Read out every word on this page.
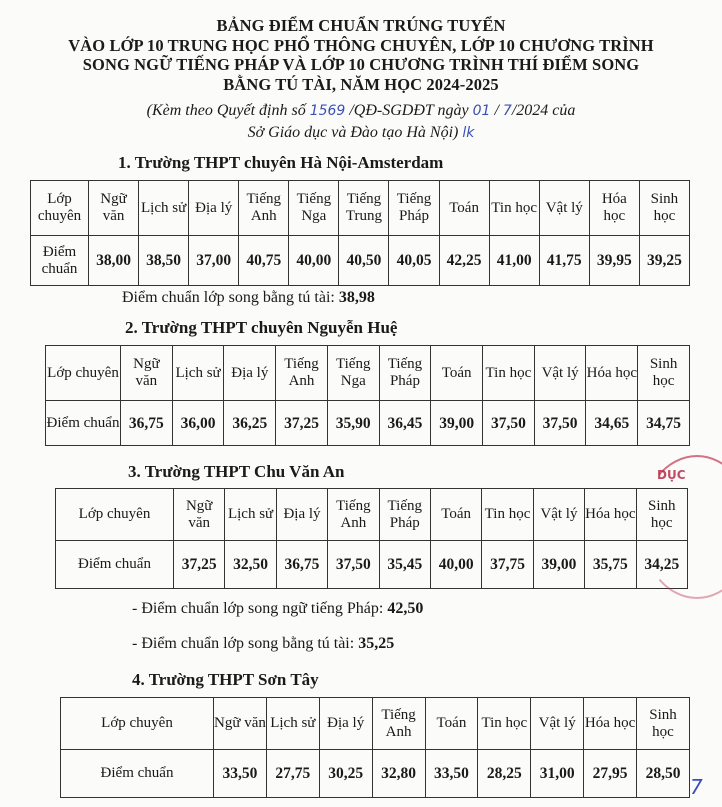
BẢNG ĐIỂM CHUẨN TRÚNG TUYỂN
VÀO LỚP 10 TRUNG HỌC PHỔ THÔNG CHUYÊN, LỚP 10 CHƯƠNG TRÌNH
SONG NGỮ TIẾNG PHÁP VÀ LỚP 10 CHƯƠNG TRÌNH THÍ ĐIỂM SONG
BẰNG TÚ TÀI, NĂM HỌC 2024-2025
(Kèm theo Quyết định số 1569 /QĐ-SGDĐT ngày 01 / 7/2024 của
Sở Giáo dục và Đào tạo Hà Nội) lk
1. Trường THPT chuyên Hà Nội-Amsterdam
Lớp chuyên	Ngữ văn	Lịch sử	Địa lý	Tiếng Anh	Tiếng Nga	Tiếng Trung	Tiếng Pháp	Toán	Tin học	Vật lý	Hóa học	Sinh học
Điểm chuẩn	38,00	38,50	37,00	40,75	40,00	40,50	40,05	42,25	41,00	41,75	39,95	39,25
Điểm chuẩn lớp song bằng tú tài: 38,98
2. Trường THPT chuyên Nguyễn Huệ
Lớp chuyên	Ngữ văn	Lịch sử	Địa lý	Tiếng Anh	Tiếng Nga	Tiếng Pháp	Toán	Tin học	Vật lý	Hóa học	Sinh học
Điểm chuẩn	36,75	36,00	36,25	37,25	35,90	36,45	39,00	37,50	37,50	34,65	34,75
3. Trường THPT Chu Văn An
Lớp chuyên	Ngữ văn	Lịch sử	Địa lý	Tiếng Anh	Tiếng Pháp	Toán	Tin học	Vật lý	Hóa học	Sinh học
Điểm chuẩn	37,25	32,50	36,75	37,50	35,45	40,00	37,75	39,00	35,75	34,25
- Điểm chuẩn lớp song ngữ tiếng Pháp: 42,50
- Điểm chuẩn lớp song bằng tú tài: 35,25
4. Trường THPT Sơn Tây
Lớp chuyên	Ngữ văn	Lịch sử	Địa lý	Tiếng Anh	Toán	Tin học	Vật lý	Hóa học	Sinh học
Điểm chuẩn	33,50	27,75	30,25	32,80	33,50	28,25	31,00	27,95	28,50
DỤC
7
